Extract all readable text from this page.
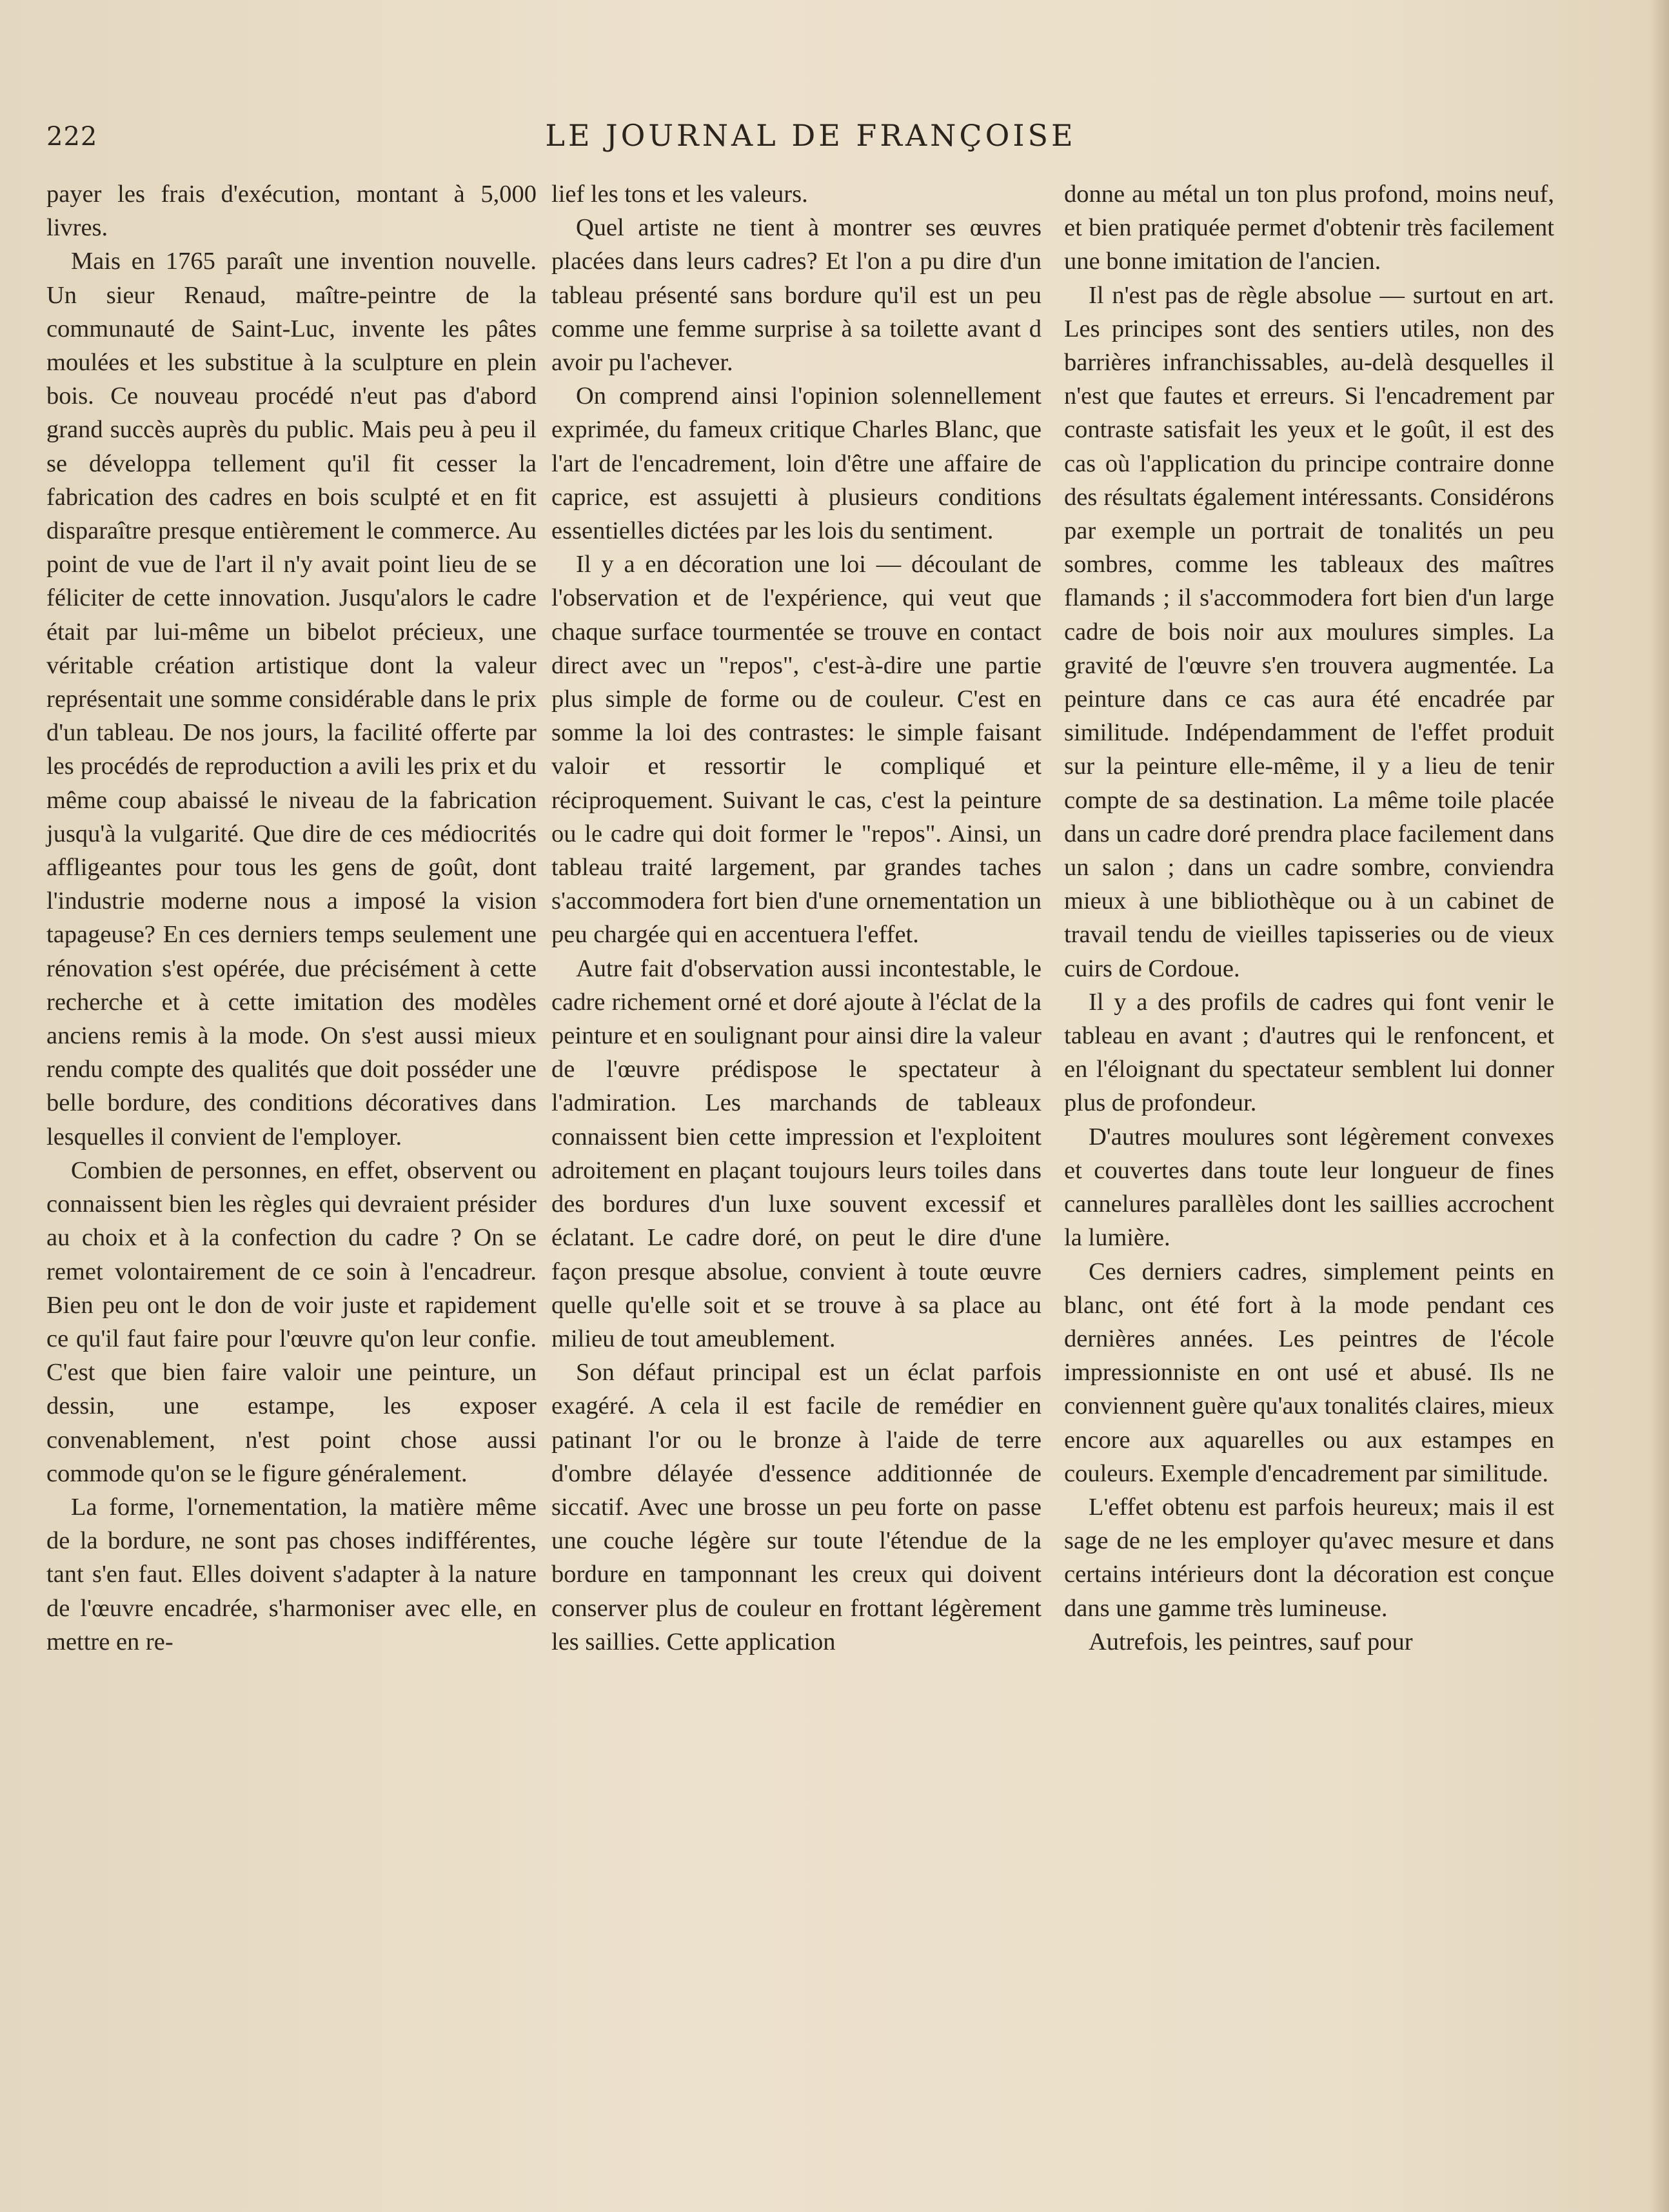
222	LE JOURNAL DE FRANÇOISE

payer les frais d'exécution, montant à 5,000 livres.

Mais en 1765 paraît une invention nouvelle. Un sieur Renaud, maître-peintre de la communauté de Saint-Luc, invente les pâtes moulées et les substitue à la sculpture en plein bois. Ce nouveau procédé n'eut pas d'abord grand succès auprès du public. Mais peu à peu il se développa tellement qu'il fit cesser la fabrication des cadres en bois sculpté et en fit disparaître presque entièrement le commerce. Au point de vue de l'art il n'y avait point lieu de se féliciter de cette innovation. Jusqu'alors le cadre était par lui-même un bibelot précieux, une véritable création artistique dont la valeur représentait une somme considérable dans le prix d'un tableau. De nos jours, la facilité offerte par les procédés de reproduction a avili les prix et du même coup abaissé le niveau de la fabrication jusqu'à la vulgarité. Que dire de ces médiocrités affligeantes pour tous les gens de goût, dont l'industrie moderne nous a imposé la vision tapageuse? En ces derniers temps seulement une rénovation s'est opérée, due précisément à cette recherche et à cette imitation des modèles anciens remis à la mode. On s'est aussi mieux rendu compte des qualités que doit posséder une belle bordure, des conditions décoratives dans lesquelles il convient de l'employer.

Combien de personnes, en effet, observent ou connaissent bien les règles qui devraient présider au choix et à la confection du cadre ? On se remet volontairement de ce soin à l'encadreur. Bien peu ont le don de voir juste et rapidement ce qu'il faut faire pour l'œuvre qu'on leur confie. C'est que bien faire valoir une peinture, un dessin, une estampe, les exposer convenablement, n'est point chose aussi commode qu'on se le figure généralement.

La forme, l'ornementation, la matière même de la bordure, ne sont pas choses indifférentes, tant s'en faut. Elles doivent s'adapter à la nature de l'œuvre encadrée, s'harmoniser avec elle, en mettre en re-

lief les tons et les valeurs.

Quel artiste ne tient à montrer ses œuvres placées dans leurs cadres? Et l'on a pu dire d'un tableau présenté sans bordure qu'il est un peu comme une femme surprise à sa toilette avant d avoir pu l'achever.

On comprend ainsi l'opinion solennellement exprimée, du fameux critique Charles Blanc, que l'art de l'encadrement, loin d'être une affaire de caprice, est assujetti à plusieurs conditions essentielles dictées par les lois du sentiment.

Il y a en décoration une loi — découlant de l'observation et de l'expérience, qui veut que chaque surface tourmentée se trouve en contact direct avec un "repos", c'est-à-dire une partie plus simple de forme ou de couleur. C'est en somme la loi des contrastes: le simple faisant valoir et ressortir le compliqué et réciproquement. Suivant le cas, c'est la peinture ou le cadre qui doit former le "repos". Ainsi, un tableau traité largement, par grandes taches s'accommodera fort bien d'une ornementation un peu chargée qui en accentuera l'effet.

Autre fait d'observation aussi incontestable, le cadre richement orné et doré ajoute à l'éclat de la peinture et en soulignant pour ainsi dire la valeur de l'œuvre prédispose le spectateur à l'admiration. Les marchands de tableaux connaissent bien cette impression et l'exploitent adroitement en plaçant toujours leurs toiles dans des bordures d'un luxe souvent excessif et éclatant. Le cadre doré, on peut le dire d'une façon presque absolue, convient à toute œuvre quelle qu'elle soit et se trouve à sa place au milieu de tout ameublement.

Son défaut principal est un éclat parfois exagéré. A cela il est facile de remédier en patinant l'or ou le bronze à l'aide de terre d'ombre délayée d'essence additionnée de siccatif. Avec une brosse un peu forte on passe une couche légère sur toute l'étendue de la bordure en tamponnant les creux qui doivent conserver plus de couleur en frottant légèrement les saillies. Cette application

donne au métal un ton plus profond, moins neuf, et bien pratiquée permet d'obtenir très facilement une bonne imitation de l'ancien.

Il n'est pas de règle absolue — surtout en art. Les principes sont des sentiers utiles, non des barrières infranchissables, au-delà desquelles il n'est que fautes et erreurs. Si l'encadrement par contraste satisfait les yeux et le goût, il est des cas où l'application du principe contraire donne des résultats également intéressants. Considérons par exemple un portrait de tonalités un peu sombres, comme les tableaux des maîtres flamands ; il s'accommodera fort bien d'un large cadre de bois noir aux moulures simples. La gravité de l'œuvre s'en trouvera augmentée. La peinture dans ce cas aura été encadrée par similitude. Indépendamment de l'effet produit sur la peinture elle-même, il y a lieu de tenir compte de sa destination. La même toile placée dans un cadre doré prendra place facilement dans un salon ; dans un cadre sombre, conviendra mieux à une bibliothèque ou à un cabinet de travail tendu de vieilles tapisseries ou de vieux cuirs de Cordoue.

Il y a des profils de cadres qui font venir le tableau en avant ; d'autres qui le renfoncent, et en l'éloignant du spectateur semblent lui donner plus de profondeur.

D'autres moulures sont légèrement convexes et couvertes dans toute leur longueur de fines cannelures parallèles dont les saillies accrochent la lumière.

Ces derniers cadres, simplement peints en blanc, ont été fort à la mode pendant ces dernières années. Les peintres de l'école impressionniste en ont usé et abusé. Ils ne conviennent guère qu'aux tonalités claires, mieux encore aux aquarelles ou aux estampes en couleurs. Exemple d'encadrement par similitude.

L'effet obtenu est parfois heureux; mais il est sage de ne les employer qu'avec mesure et dans certains intérieurs dont la décoration est conçue dans une gamme très lumineuse.

Autrefois, les peintres, sauf pour
